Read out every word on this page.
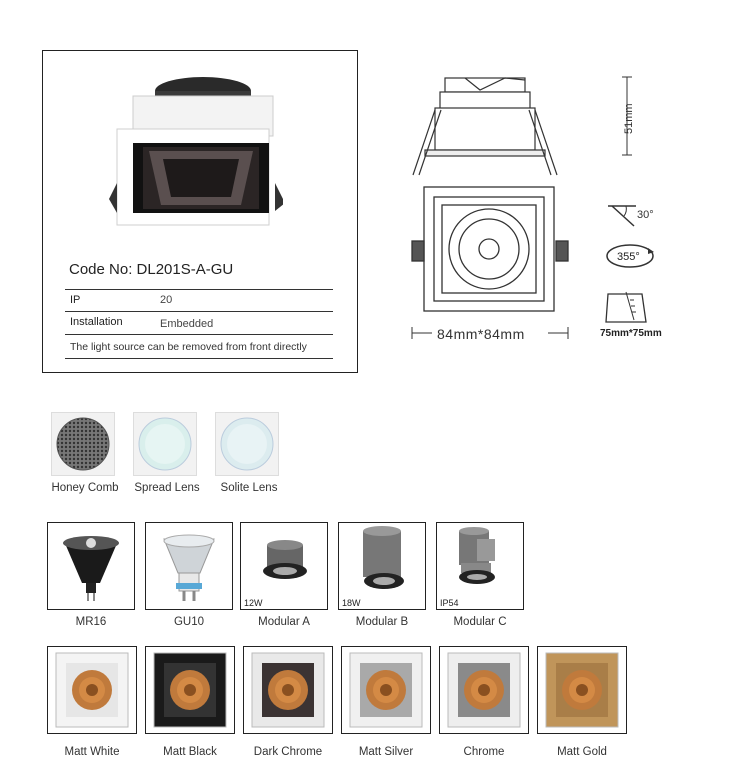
Code No: DL201S-A-GU
IP	20
Installation	Embedded
The light source can be removed from front directly
51mm
84mm*84mm
30°
355°
75mm*75mm
Honey Comb	Spread Lens	Solite Lens
MR16	GU10
12W
Modular A
18W
Modular B
IP54
Modular C
Matt White	Matt Black	Dark Chrome	Matt Silver	Chrome	Matt Gold
